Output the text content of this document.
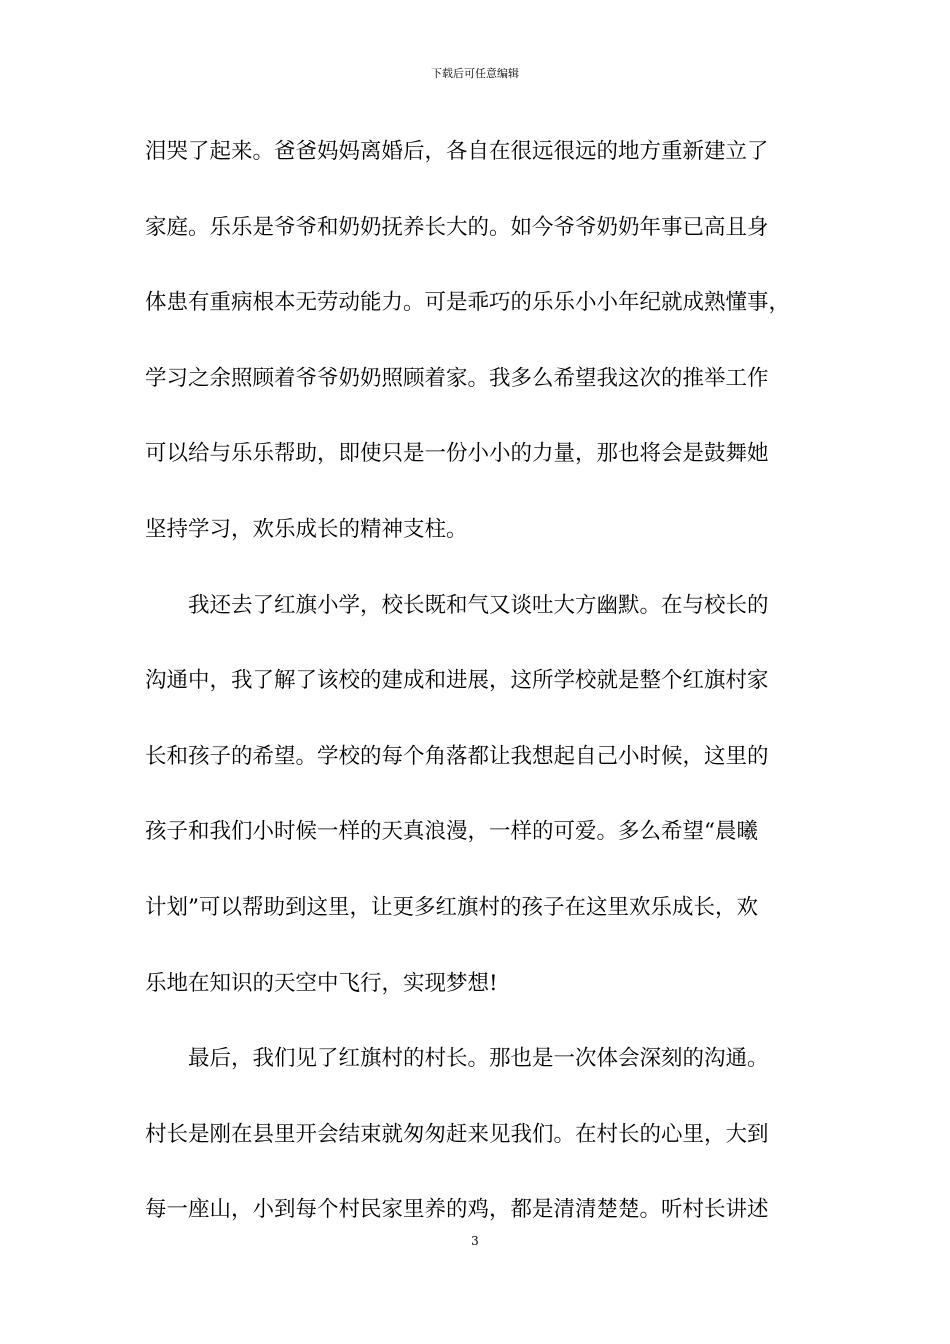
下载后可任意编辑
泪哭了起来。爸爸妈妈离婚后，各自在很远很远的地方重新建立了
家庭。乐乐是爷爷和奶奶抚养长大的。如今爷爷奶奶年事已高且身
体患有重病根本无劳动能力。可是乖巧的乐乐小小年纪就成熟懂事，
学习之余照顾着爷爷奶奶照顾着家。我多么希望我这次的推举工作
可以给与乐乐帮助，即使只是一份小小的力量，那也将会是鼓舞她
坚持学习，欢乐成长的精神支柱。
　　我还去了红旗小学，校长既和气又谈吐大方幽默。在与校长的
沟通中，我了解了该校的建成和进展，这所学校就是整个红旗村家
长和孩子的希望。学校的每个角落都让我想起自己小时候，这里的
孩子和我们小时候一样的天真浪漫，一样的可爱。多么希望“晨曦
计划”可以帮助到这里，让更多红旗村的孩子在这里欢乐成长，欢
乐地在知识的天空中飞行，实现梦想!
　　最后，我们见了红旗村的村长。那也是一次体会深刻的沟通。
村长是刚在县里开会结束就匆匆赶来见我们。在村长的心里，大到
每一座山，小到每个村民家里养的鸡，都是清清楚楚。听村长讲述
3
